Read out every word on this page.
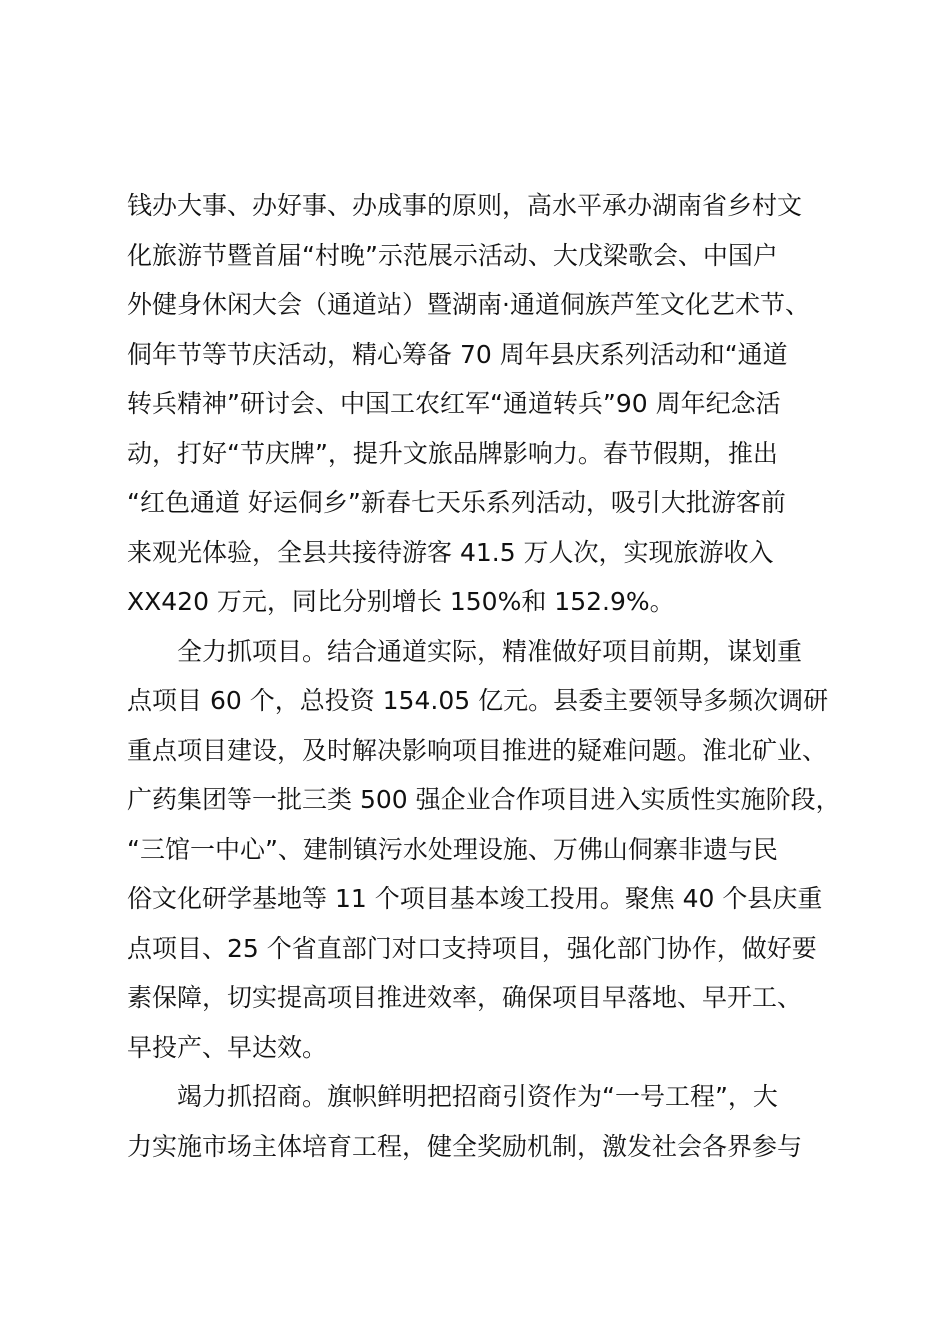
钱办大事、办好事、办成事的原则，高水平承办湖南省乡村文
化旅游节暨首届“村晚”示范展示活动、大戊梁歌会、中国户
外健身休闲大会（通道站）暨湖南·通道侗族芦笙文化艺术节、
侗年节等节庆活动，精心筹备 70 周年县庆系列活动和“通道
转兵精神”研讨会、中国工农红军“通道转兵”90 周年纪念活
动，打好“节庆牌”，提升文旅品牌影响力。春节假期，推出
“红色通道 好运侗乡”新春七天乐系列活动，吸引大批游客前
来观光体验，全县共接待游客 41.5 万人次，实现旅游收入
XX420 万元，同比分别增长 150%和 152.9%。
全力抓项目。结合通道实际，精准做好项目前期，谋划重
点项目 60 个，总投资 154.05 亿元。县委主要领导多频次调研
重点项目建设，及时解决影响项目推进的疑难问题。淮北矿业、
广药集团等一批三类 500 强企业合作项目进入实质性实施阶段，
“三馆一中心”、建制镇污水处理设施、万佛山侗寨非遗与民
俗文化研学基地等 11 个项目基本竣工投用。聚焦 40 个县庆重
点项目、25 个省直部门对口支持项目，强化部门协作，做好要
素保障，切实提高项目推进效率，确保项目早落地、早开工、
早投产、早达效。
竭力抓招商。旗帜鲜明把招商引资作为“一号工程”，大
力实施市场主体培育工程，健全奖励机制，激发社会各界参与
